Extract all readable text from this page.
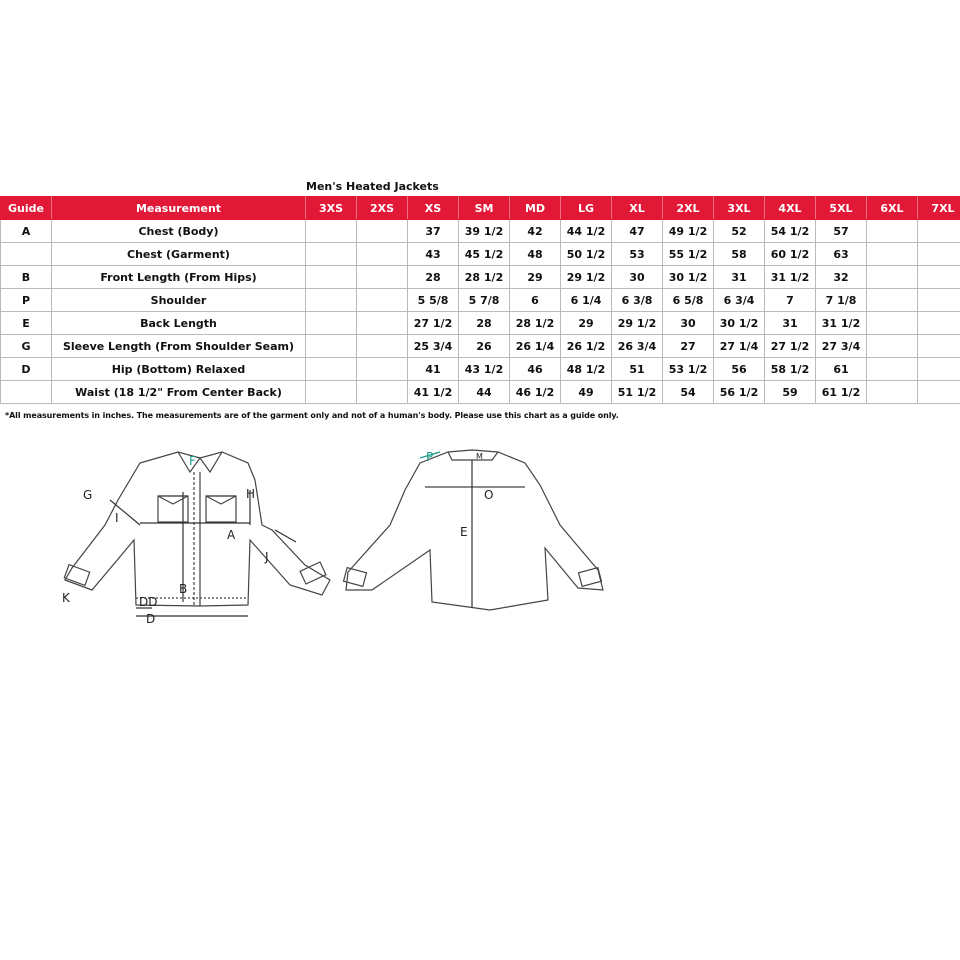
Men's Heated Jackets
Guide	Measurement	3XS	2XS	XS	SM	MD	LG	XL	2XL	3XL	4XL	5XL	6XL	7XL
A	Chest (Body)			37	39 1/2	42	44 1/2	47	49 1/2	52	54 1/2	57		
	Chest (Garment)			43	45 1/2	48	50 1/2	53	55 1/2	58	60 1/2	63		
B	Front Length (From Hips)			28	28 1/2	29	29 1/2	30	30 1/2	31	31 1/2	32		
P	Shoulder			5 5/8	5 7/8	6	6 1/4	6 3/8	6 5/8	6 3/4	7	7 1/8		
E	Back Length			27 1/2	28	28 1/2	29	29 1/2	30	30 1/2	31	31 1/2		
G	Sleeve Length (From Shoulder Seam)			25 3/4	26	26 1/4	26 1/2	26 3/4	27	27 1/4	27 1/2	27 3/4		
D	Hip (Bottom) Relaxed			41	43 1/2	46	48 1/2	51	53 1/2	56	58 1/2	61		
	Waist (18 1/2" From Center Back)			41 1/2	44	46 1/2	49	51 1/2	54	56 1/2	59	61 1/2		
*All measurements in inches. The measurements are of the garment only and not of a human's body. Please use this chart as a guide only.
F
G	H
I
A
J
B
K	DD
D
P	M
O
E
